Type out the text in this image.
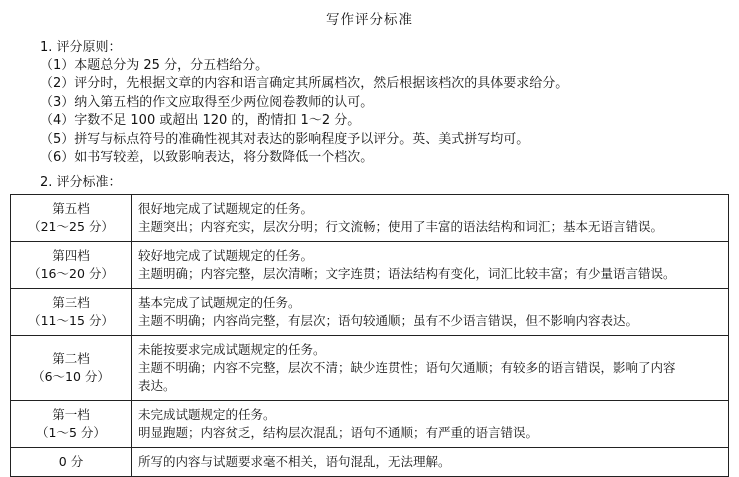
写作评分标准
1. 评分原则：
（1）本题总分为 25 分，分五档给分。
（2）评分时，先根据文章的内容和语言确定其所属档次，然后根据该档次的具体要求给分。
（3）纳入第五档的作文应取得至少两位阅卷教师的认可。
（4）字数不足 100 或超出 120 的，酌情扣 1～2 分。
（5）拼写与标点符号的准确性视其对表达的影响程度予以评分。英、美式拼写均可。
（6）如书写较差，以致影响表达，将分数降低一个档次。
2. 评分标准：
第五档
（21～25 分）	很好地完成了试题规定的任务。
主题突出；内容充实，层次分明；行文流畅；使用了丰富的语法结构和词汇；基本无语言错误。

第四档
（16～20 分）	较好地完成了试题规定的任务。
主题明确；内容完整，层次清晰；文字连贯；语法结构有变化，词汇比较丰富；有少量语言错误。

第三档
（11～15 分）	基本完成了试题规定的任务。
主题不明确；内容尚完整，有层次；语句较通顺；虽有不少语言错误，但不影响内容表达。

第二档
（6～10 分）	未能按要求完成试题规定的任务。
主题不明确；内容不完整，层次不清；缺少连贯性；语句欠通顺；有较多的语言错误，影响了内容
表达。

第一档
（1～5 分）	未完成试题规定的任务。
明显跑题；内容贫乏，结构层次混乱；语句不通顺；有严重的语言错误。

0 分	所写的内容与试题要求毫不相关，语句混乱，无法理解。
